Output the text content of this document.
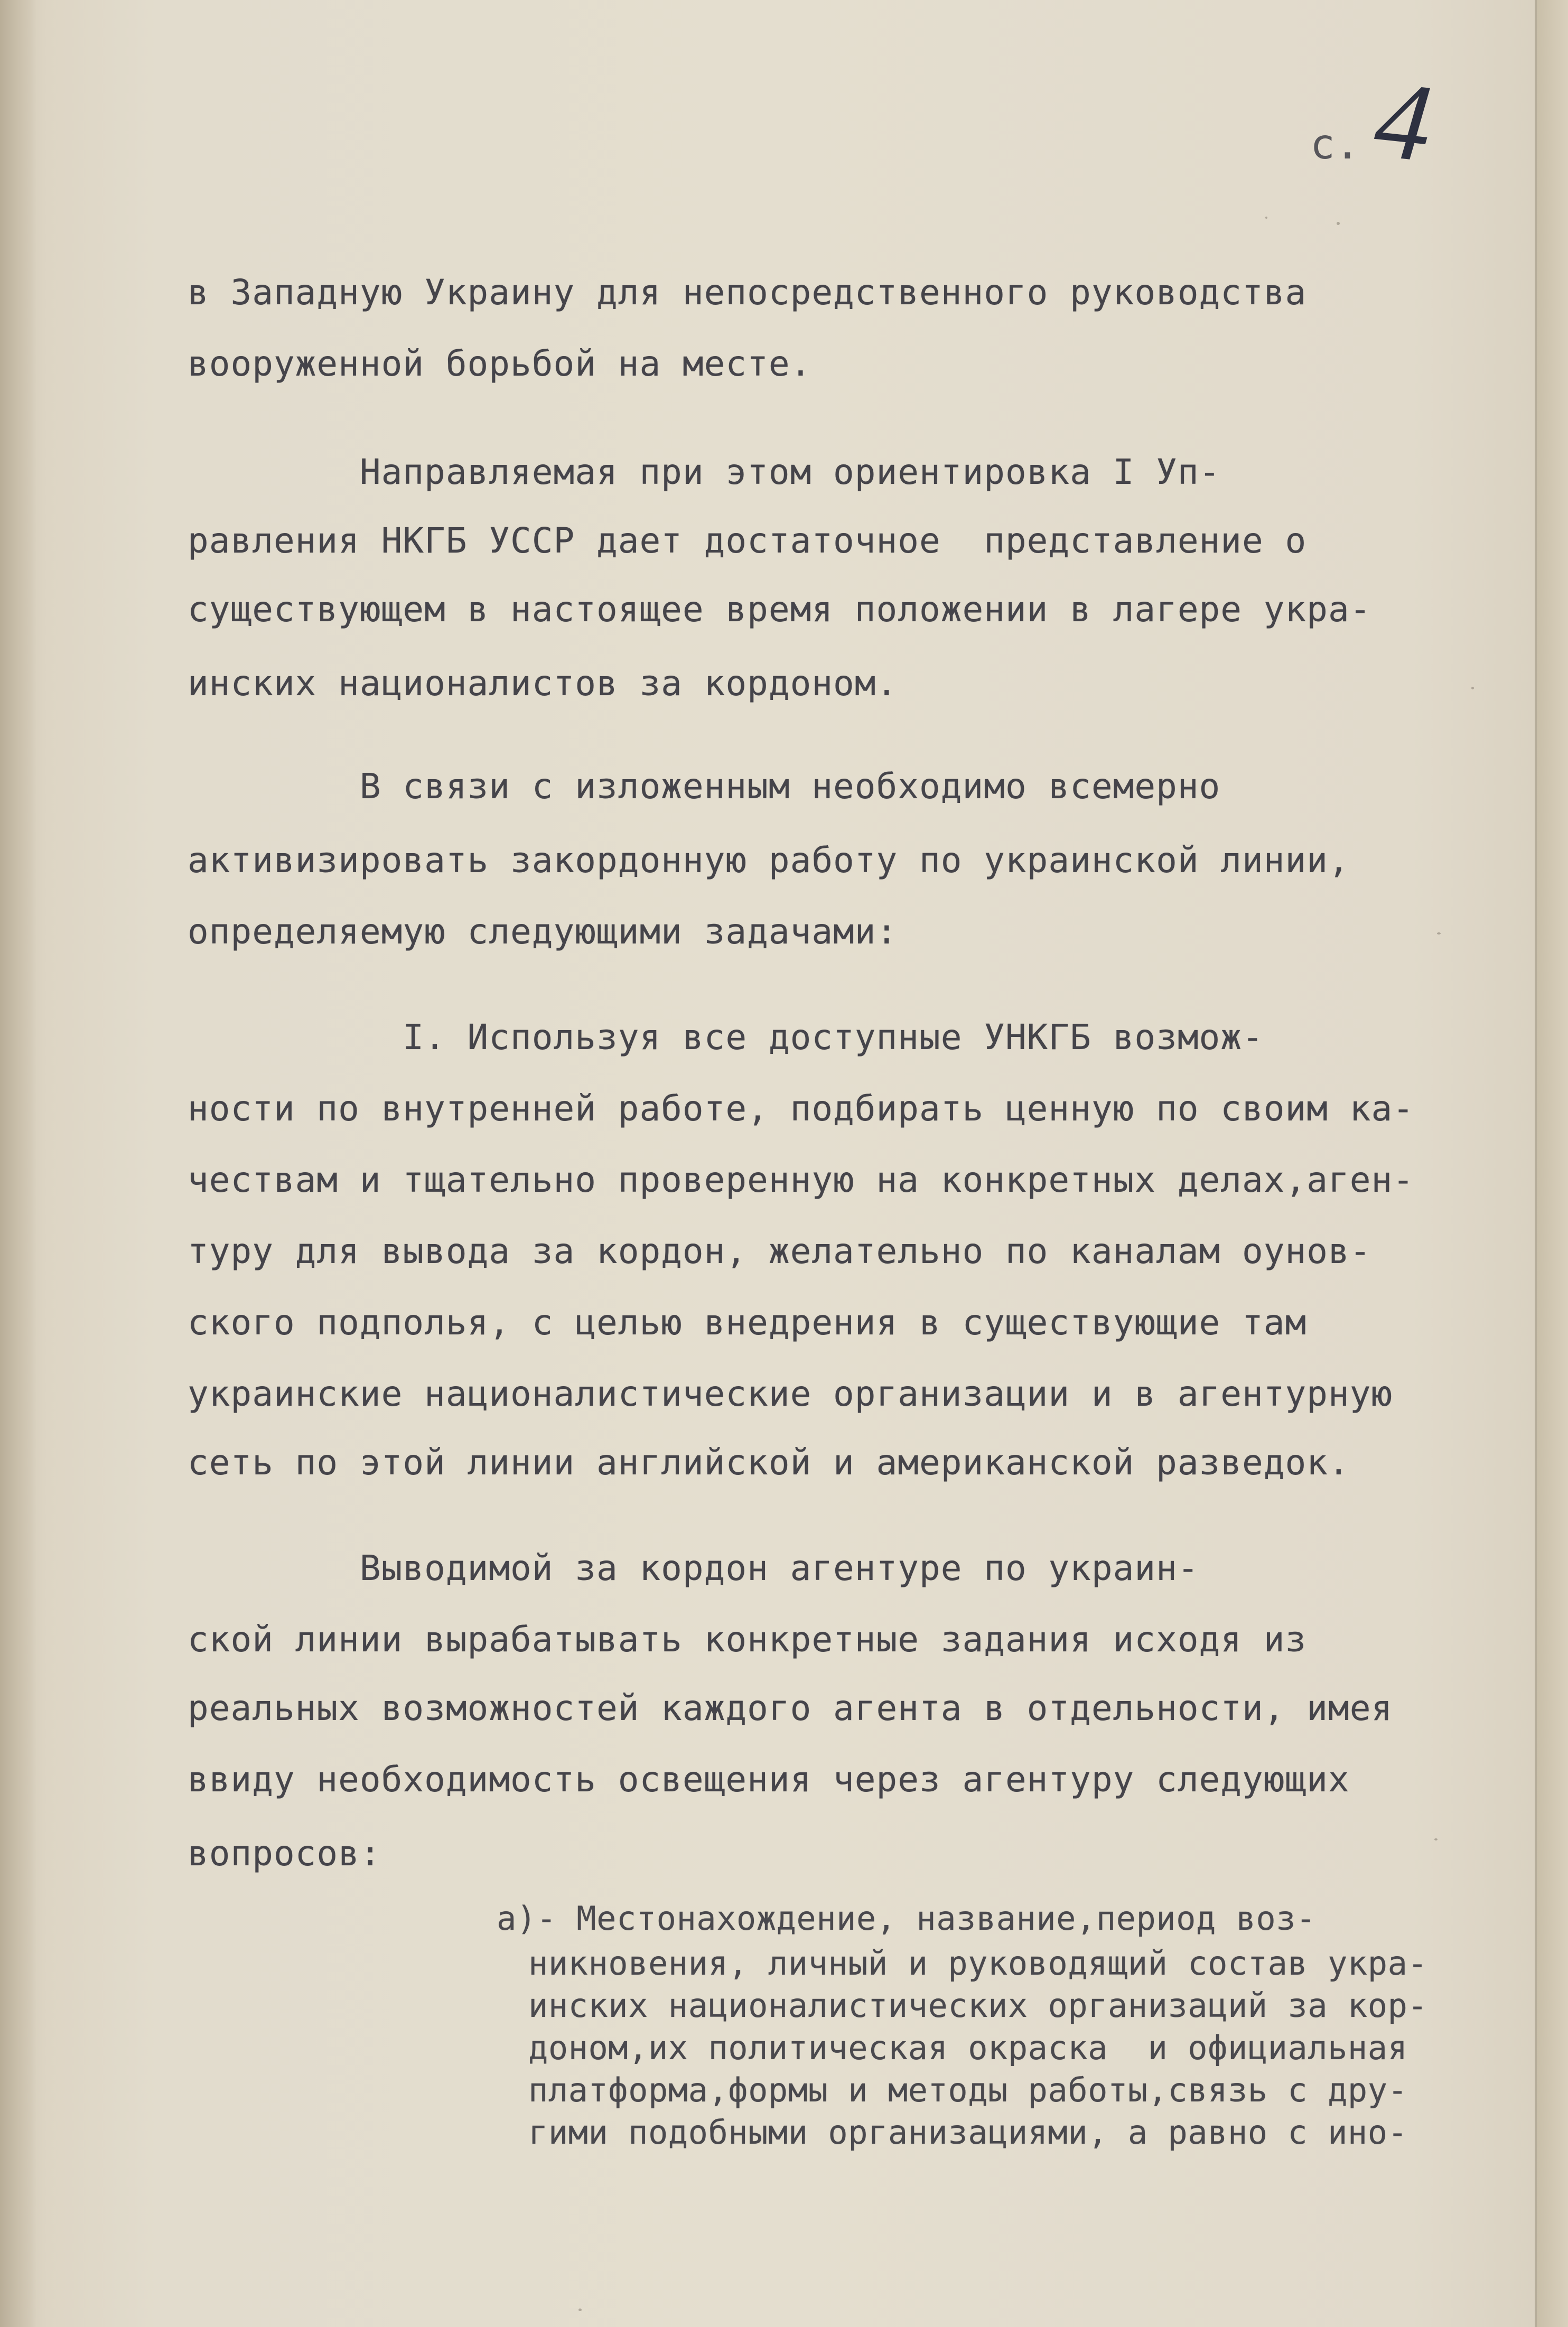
с.4

в Западную Украину для непосредственного руководства

вооруженной борьбой на месте.

Направляемая при этом ориентировка I Уп-

равления НКГБ УССР дает достаточное  представление о

существующем в настоящее время положении в лагере укра-

инских националистов за кордоном.

В связи с изложенным необходимо всемерно

активизировать закордонную работу по украинской линии,

определяемую следующими задачами:

I. Используя все доступные УНКГБ возмож-

ности по внутренней работе, подбирать ценную по своим ка-

чествам и тщательно проверенную на конкретных делах,аген-

туру для вывода за кордон, желательно по каналам оунов-

ского подполья, с целью внедрения в существующие там

украинские националистические организации и в агентурную

сеть по этой линии английской и американской разведок.

Выводимой за кордон агентуре по украин-

ской линии вырабатывать конкретные задания исходя из

реальных возможностей каждого агента в отдельности, имея

ввиду необходимость освещения через агентуру следующих

вопросов:

а)- Местонахождение, название,период воз-

никновения, личный и руководящий состав укра-

инских националистических организаций за кор-

доном,их политическая окраска  и официальная

платформа,формы и методы работы,связь с дру-

гими подобными организациями, а равно с ино-
